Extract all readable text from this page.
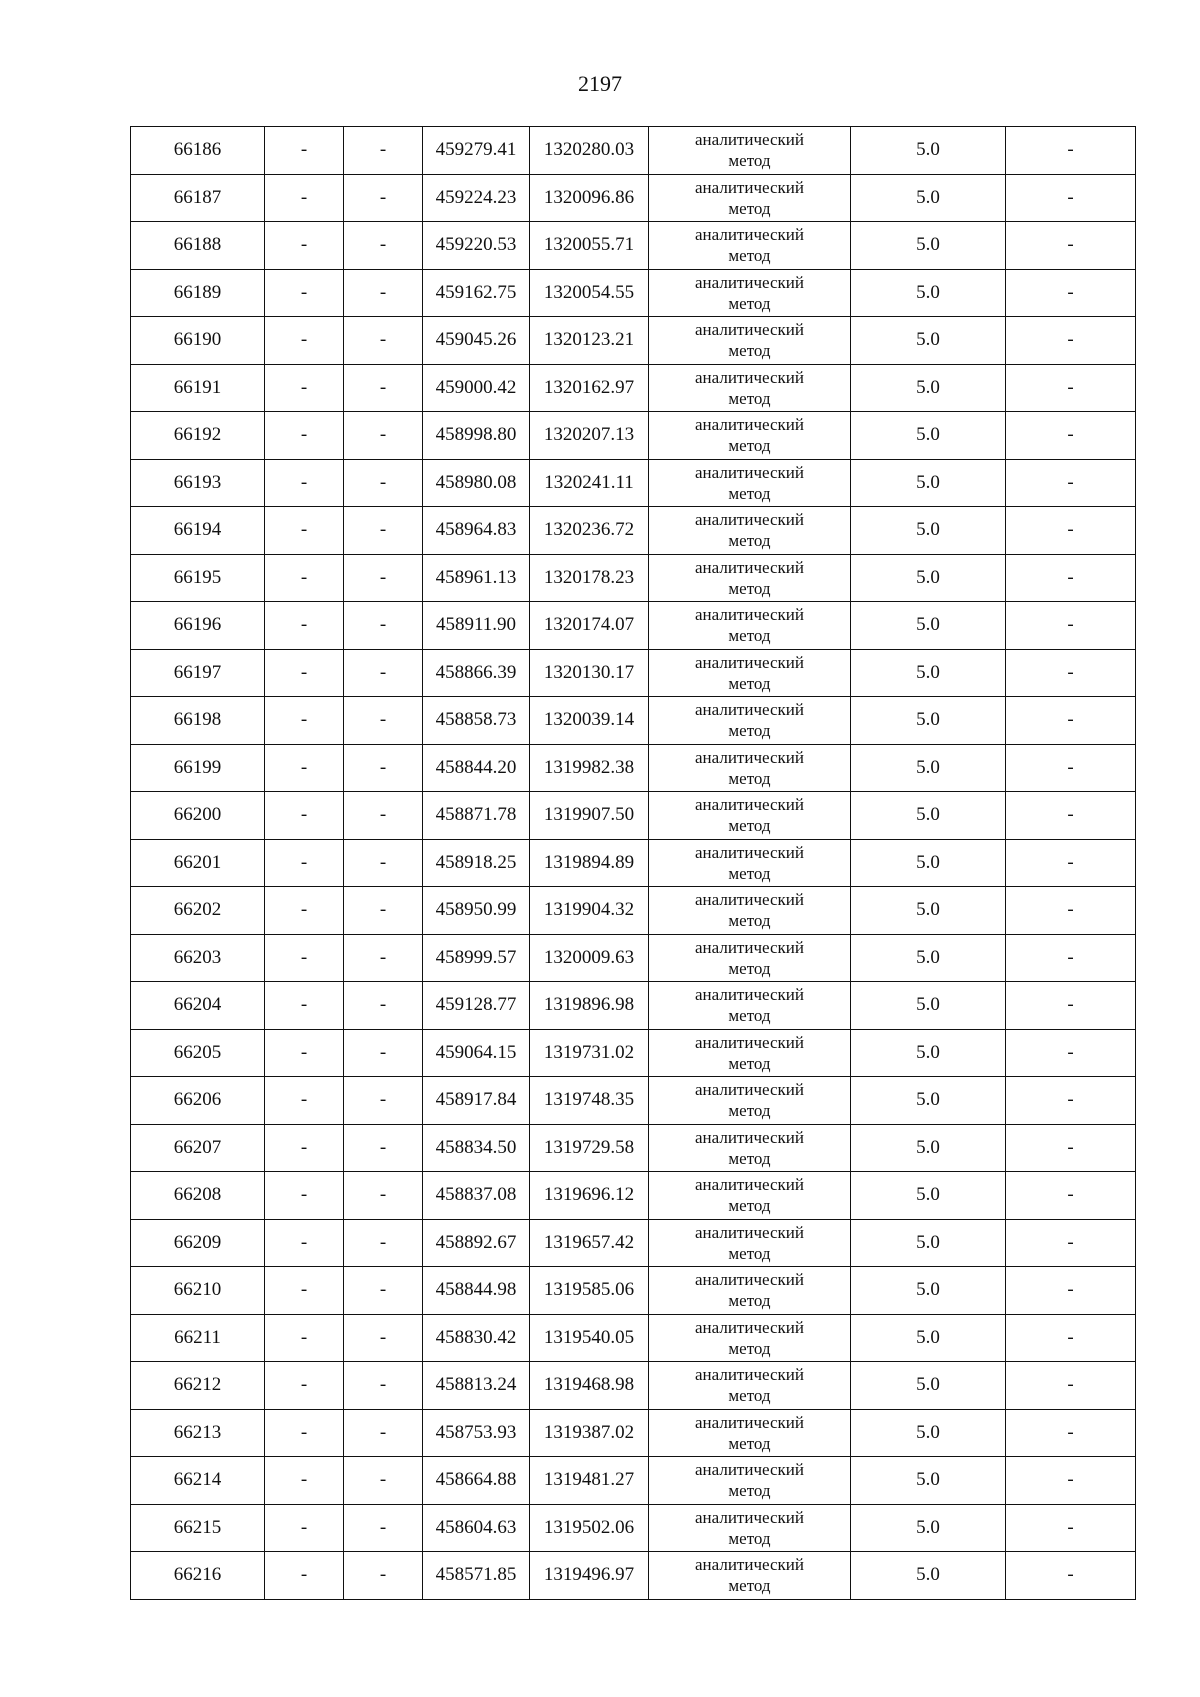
2197
66186	-	-	459279.41	1320280.03	аналитический
метод	5.0	-
66187	-	-	459224.23	1320096.86	аналитический
метод	5.0	-
66188	-	-	459220.53	1320055.71	аналитический
метод	5.0	-
66189	-	-	459162.75	1320054.55	аналитический
метод	5.0	-
66190	-	-	459045.26	1320123.21	аналитический
метод	5.0	-
66191	-	-	459000.42	1320162.97	аналитический
метод	5.0	-
66192	-	-	458998.80	1320207.13	аналитический
метод	5.0	-
66193	-	-	458980.08	1320241.11	аналитический
метод	5.0	-
66194	-	-	458964.83	1320236.72	аналитический
метод	5.0	-
66195	-	-	458961.13	1320178.23	аналитический
метод	5.0	-
66196	-	-	458911.90	1320174.07	аналитический
метод	5.0	-
66197	-	-	458866.39	1320130.17	аналитический
метод	5.0	-
66198	-	-	458858.73	1320039.14	аналитический
метод	5.0	-
66199	-	-	458844.20	1319982.38	аналитический
метод	5.0	-
66200	-	-	458871.78	1319907.50	аналитический
метод	5.0	-
66201	-	-	458918.25	1319894.89	аналитический
метод	5.0	-
66202	-	-	458950.99	1319904.32	аналитический
метод	5.0	-
66203	-	-	458999.57	1320009.63	аналитический
метод	5.0	-
66204	-	-	459128.77	1319896.98	аналитический
метод	5.0	-
66205	-	-	459064.15	1319731.02	аналитический
метод	5.0	-
66206	-	-	458917.84	1319748.35	аналитический
метод	5.0	-
66207	-	-	458834.50	1319729.58	аналитический
метод	5.0	-
66208	-	-	458837.08	1319696.12	аналитический
метод	5.0	-
66209	-	-	458892.67	1319657.42	аналитический
метод	5.0	-
66210	-	-	458844.98	1319585.06	аналитический
метод	5.0	-
66211	-	-	458830.42	1319540.05	аналитический
метод	5.0	-
66212	-	-	458813.24	1319468.98	аналитический
метод	5.0	-
66213	-	-	458753.93	1319387.02	аналитический
метод	5.0	-
66214	-	-	458664.88	1319481.27	аналитический
метод	5.0	-
66215	-	-	458604.63	1319502.06	аналитический
метод	5.0	-
66216	-	-	458571.85	1319496.97	аналитический
метод	5.0	-
